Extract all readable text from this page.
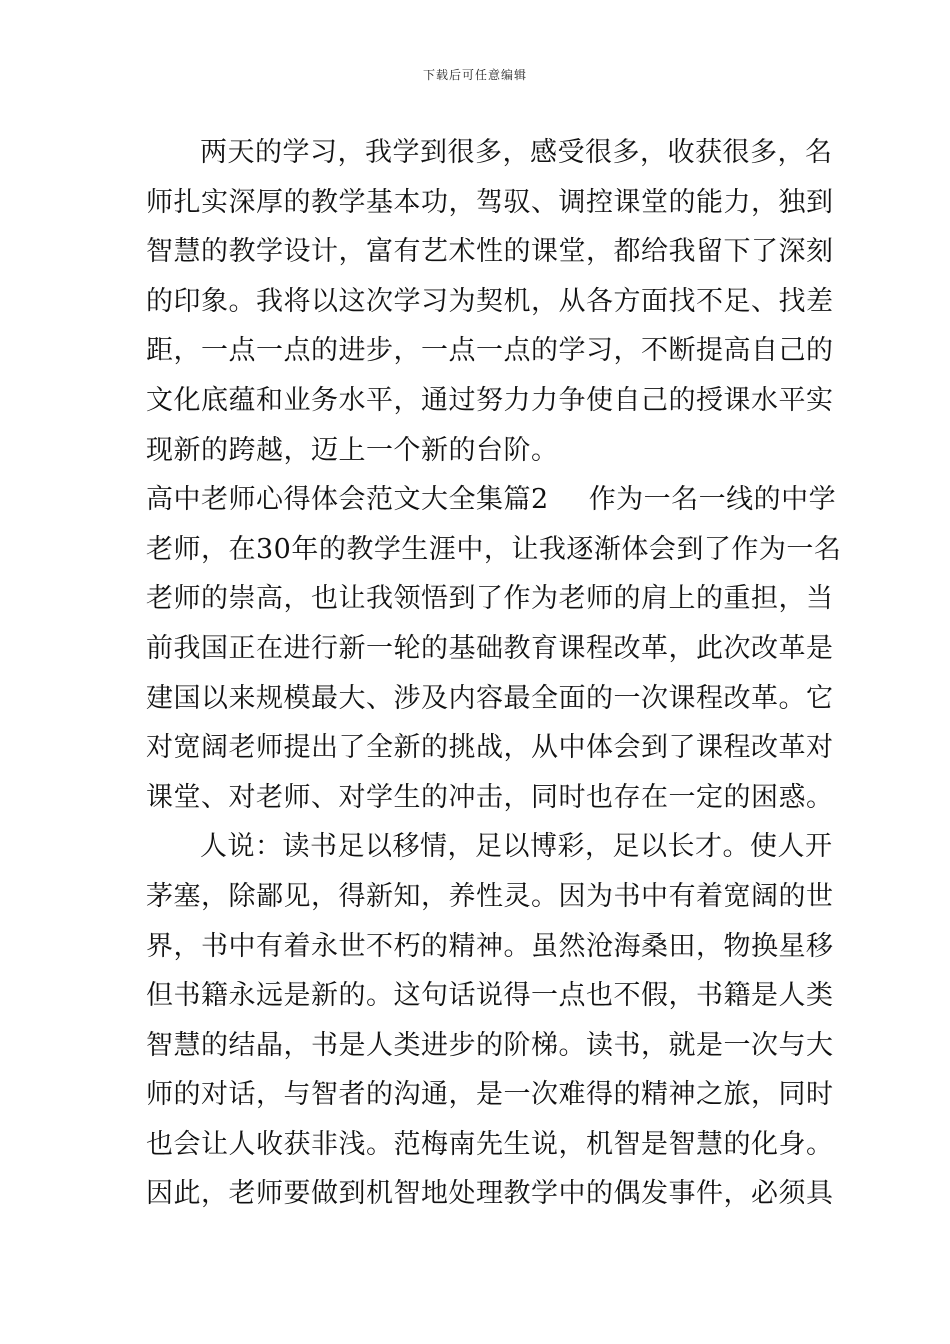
下载后可任意编辑
两天的学习，我学到很多，感受很多，收获很多，名
师扎实深厚的教学基本功，驾驭、调控课堂的能力，独到
智慧的教学设计，富有艺术性的课堂，都给我留下了深刻
的印象。我将以这次学习为契机，从各方面找不足、找差
距，一点一点的进步，一点一点的学习，不断提高自己的
文化底蕴和业务水平，通过努力力争使自己的授课水平实
现新的跨越，迈上一个新的台阶。
高中老师心得体会范文大全集篇2 作为一名一线的中学
老师，在30年的教学生涯中，让我逐渐体会到了作为一名
老师的崇高，也让我领悟到了作为老师的肩上的重担，当
前我国正在进行新一轮的基础教育课程改革，此次改革是
建国以来规模最大、涉及内容最全面的一次课程改革。它
对宽阔老师提出了全新的挑战，从中体会到了课程改革对
课堂、对老师、对学生的冲击，同时也存在一定的困惑。
人说：读书足以移情，足以博彩，足以长才。使人开
茅塞，除鄙见，得新知，养性灵。因为书中有着宽阔的世
界，书中有着永世不朽的精神。虽然沧海桑田，物换星移
但书籍永远是新的。这句话说得一点也不假，书籍是人类
智慧的结晶，书是人类进步的阶梯。读书，就是一次与大
师的对话，与智者的沟通，是一次难得的精神之旅，同时
也会让人收获非浅。范梅南先生说，机智是智慧的化身。
因此，老师要做到机智地处理教学中的偶发事件，必须具
